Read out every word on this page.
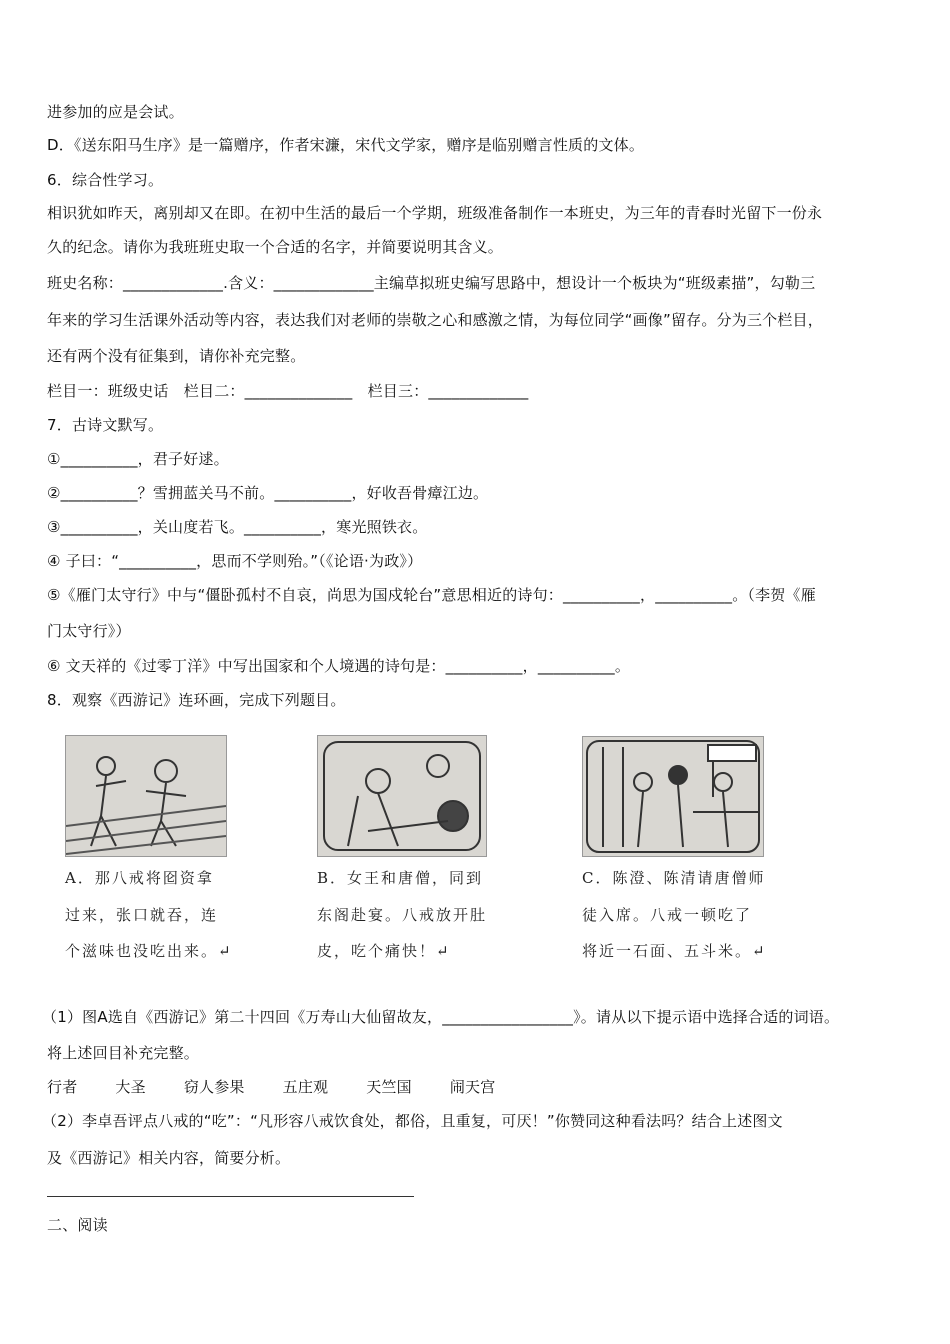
进参加的应是会试。
D．《送东阳马生序》是一篇赠序，作者宋濂，宋代文学家，赠序是临别赠言性质的文体。
6．综合性学习。
相识犹如昨天，离别却又在即。在初中生活的最后一个学期，班级准备制作一本班史，为三年的青春时光留下一份永
久的纪念。请你为我班班史取一个合适的名字，并简要说明其含义。
班史名称：_____________.含义：_____________主编草拟班史编写思路中，想设计一个板块为“班级素描”，勾勒三
年来的学习生活课外活动等内容，表达我们对老师的崇敬之心和感激之情，为每位同学“画像”留存。分为三个栏目，
还有两个没有征集到，请你补充完整。
栏目一：班级史话　栏目二：______________　栏目三：_____________
7．古诗文默写。
①__________，君子好逑。
②__________？雪拥蓝关马不前。__________，好收吾骨瘴江边。
③__________，关山度若飞。__________，寒光照铁衣。
④ 子曰：“__________，思而不学则殆。”（《论语·为政》）
⑤《雁门太守行》中与“僵卧孤村不自哀，尚思为国戍轮台”意思相近的诗句：__________，__________。（李贺《雁
门太守行》）
⑥ 文天祥的《过零丁洋》中写出国家和个人境遇的诗句是：__________，__________。
8．观察《西游记》连环画，完成下列题目。
A．那八戒将囵资拿
过来，张口就吞，连
个滋味也没吃出来。↵
B．女王和唐僧，同到
东阁赴宴。八戒放开肚
皮，吃个痛快！↵
C．陈澄、陈清请唐僧师
徒入席。八戒一顿吃了
将近一石面、五斗米。↵
（1）图A选自《西游记》第二十四回《万寿山大仙留故友，_________________》。请从以下提示语中选择合适的词语。
将上述回目补充完整。
行者	大圣	窃人参果	五庄观	天竺国	闹天宫
（2）李卓吾评点八戒的“吃”：“凡形容八戒饮食处，都俗，且重复，可厌！”你赞同这种看法吗？结合上述图文
及《西游记》相关内容，简要分析。
二、阅读
